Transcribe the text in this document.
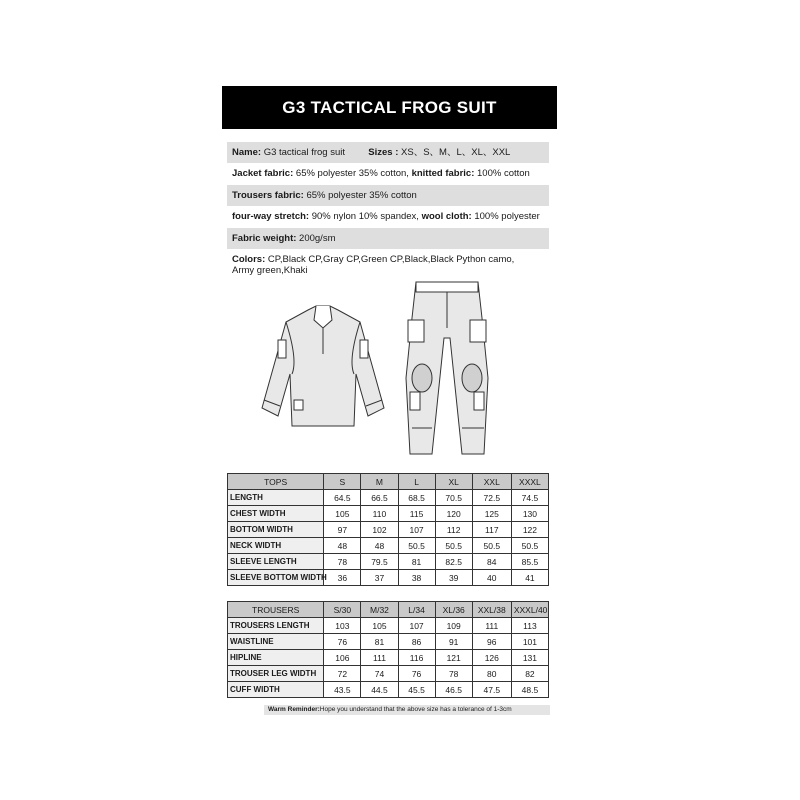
G3 TACTICAL FROG SUIT
Name: G3 tactical frog suit Sizes : XS、S、M、L、XL、XXL
Jacket fabric: 65% polyester 35% cotton, knitted fabric: 100% cotton
Trousers fabric: 65% polyester 35% cotton
four-way stretch: 90% nylon 10% spandex, wool cloth: 100% polyester
Fabric weight: 200g/sm
Colors: CP,Black CP,Gray CP,Green CP,Black,Black Python camo, Army green,Khaki
TOPS	S	M	L	XL	XXL	XXXL
LENGTH	64.5	66.5	68.5	70.5	72.5	74.5
CHEST WIDTH	105	110	115	120	125	130
BOTTOM WIDTH	97	102	107	112	117	122
NECK WIDTH	48	48	50.5	50.5	50.5	50.5
SLEEVE LENGTH	78	79.5	81	82.5	84	85.5
SLEEVE BOTTOM WIDTH	36	37	38	39	40	41
TROUSERS	S/30	M/32	L/34	XL/36	XXL/38	XXXL/40
TROUSERS LENGTH	103	105	107	109	111	113
WAISTLINE	76	81	86	91	96	101
HIPLINE	106	111	116	121	126	131
TROUSER LEG WIDTH	72	74	76	78	80	82
CUFF WIDTH	43.5	44.5	45.5	46.5	47.5	48.5
Warm Reminder:Hope you understand that the above size has a tolerance of 1-3cm
